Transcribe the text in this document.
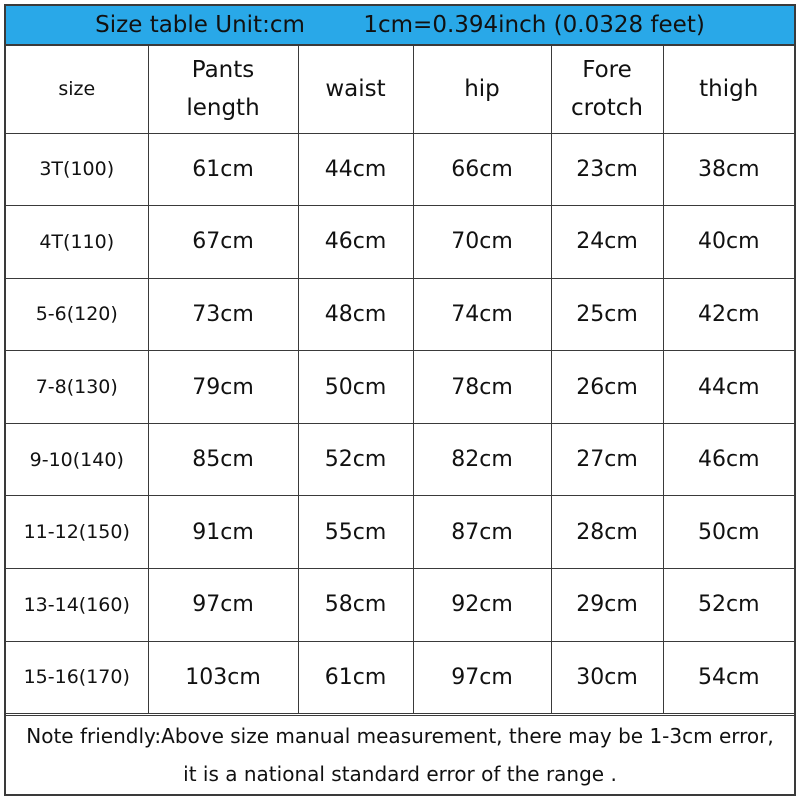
Size table Unit:cm        1cm=0.394inch (0.0328 feet)
size	Pants length	waist	hip	Fore crotch	thigh
3T(100)	61cm	44cm	66cm	23cm	38cm
4T(110)	67cm	46cm	70cm	24cm	40cm
5-6(120)	73cm	48cm	74cm	25cm	42cm
7-8(130)	79cm	50cm	78cm	26cm	44cm
9-10(140)	85cm	52cm	82cm	27cm	46cm
11-12(150)	91cm	55cm	87cm	28cm	50cm
13-14(160)	97cm	58cm	92cm	29cm	52cm
15-16(170)	103cm	61cm	97cm	30cm	54cm
Note friendly:Above size manual measurement, there may be 1-3cm error, it is a national standard error of the range .
